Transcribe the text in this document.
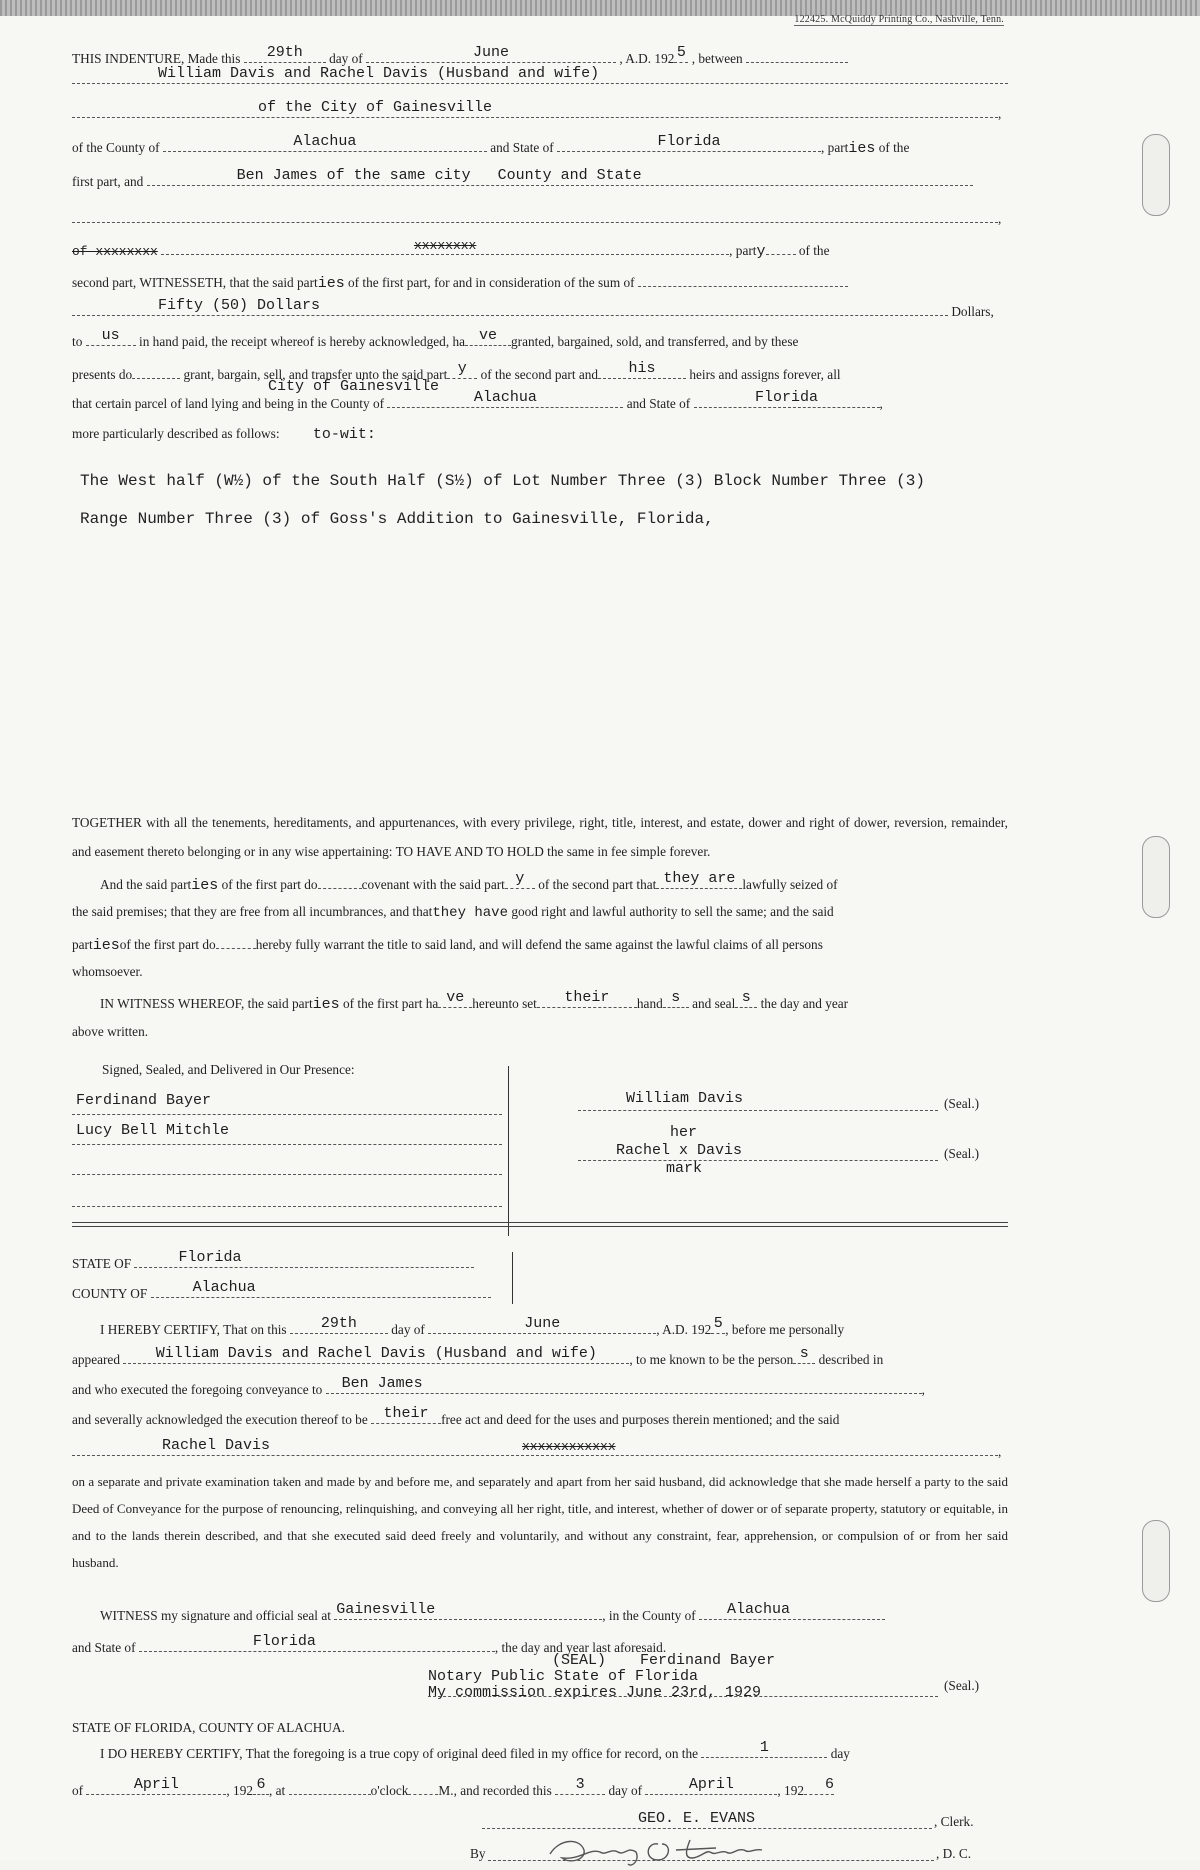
122425. McQuiddy Printing Co., Nashville, Tenn.
THIS INDENTURE, Made this	29th	day of	June	, A.D. 192 5 , between
William Davis and Rachel Davis (Husband and wife)
of the City of Gainesville	,
of the County of	Alachua	and State of	Florida	, parties of the
first part, and	Ben James of the same city County and State
,
of xxxxxxxx	xxxxxxxx	, party	of the
second part, WITNESSETH, that the said parties of the first part, for and in consideration of the sum of
Fifty (50) Dollars	Dollars,
to	us	in hand paid, the receipt whereof is hereby acknowledged, ha ve	granted, bargained, sold, and transferred, and by these
presents do	grant, bargain, sell, and transfer unto the said part y	of the second part and	his	heirs and assigns forever, all
City of Gainesville
that certain parcel of land lying and being in the County of	Alachua	and State of	Florida	,
more particularly described as follows: to-wit:
The West half (W½) of the South Half (S½) of Lot Number Three (3) Block Number Three (3)
Range Number Three (3) of Goss's Addition to Gainesville, Florida,
TOGETHER with all the tenements, hereditaments, and appurtenances, with every privilege, right, title, interest, and estate, dower and right of dower, reversion, remainder, and easement thereto belonging or in any wise appertaining: TO HAVE AND TO HOLD the same in fee simple forever.
And the said parties of the first part do	covenant with the said part y	of the second part that they are lawfully seized of
the said premises; that they are free from all incumbrances, and thatthey have good right and lawful authority to sell the same; and the said
partiesof the first part do	hereby fully warrant the title to said land, and will defend the same against the lawful claims of all persons
whomsoever.
IN WITNESS WHEREOF, the said parties of the first part ha ve hereunto set	their	hand s and seal s the day and year
above written.
Signed, Sealed, and Delivered in Our Presence:
Ferdinand Bayer
Lucy Bell Mitchle
William Davis	(Seal.)
her
Rachel x Davis
mark
(Seal.)
STATE OF	Florida
COUNTY OF	Alachua
I HEREBY CERTIFY, That on this	29th	day of	June	, A.D. 192 5 , before me personally
appeared	William Davis and Rachel Davis (Husband and wife)	, to me known to be the person s described in
and who executed the foregoing conveyance to	Ben James	,
and severally acknowledged the execution thereof to be	their free act and deed for the uses and purposes therein mentioned; and the said
Rachel Davis	xxxxxxxxxxxx	,
on a separate and private examination taken and made by and before me, and separately and apart from her said husband, did acknowledge that she made herself a party to the said Deed of Conveyance for the purpose of renouncing, relinquishing, and conveying all her right, title, and interest, whether of dower or of separate property, statutory or equitable, in and to the lands therein described, and that she executed said deed freely and voluntarily, and without any constraint, fear, apprehension, or compulsion of or from her said husband.
WITNESS my signature and official seal at Gainesville	, in the County of	Alachua
and State of	Florida	, the day and year last aforesaid.
(SEAL) Ferdinand Bayer
Notary Public State of Florida
My commission expires June 23rd, 1929	(Seal.)
STATE OF FLORIDA, COUNTY OF ALACHUA.
I DO HEREBY CERTIFY, That the foregoing is a true copy of original deed filed in my office for record, on the	1	day
of	April	, 192 6 , at	o'clock M., and recorded this	3	day of	April	, 192	6
GEO. E. EVANS	, Clerk.
By	, D. C.
